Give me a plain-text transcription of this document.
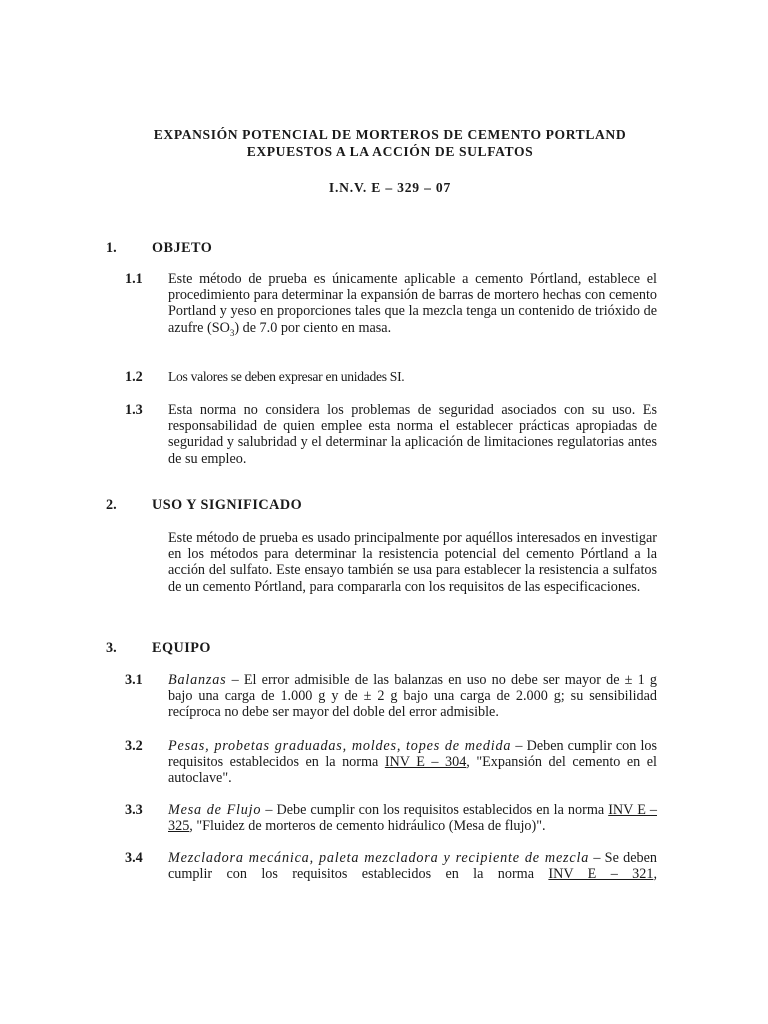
EXPANSIÓN POTENCIAL DE MORTEROS DE CEMENTO PORTLAND
EXPUESTOS A LA ACCIÓN DE SULFATOS
I.N.V. E – 329 – 07
1. OBJETO
1.1 Este método de prueba es únicamente aplicable a cemento Pórtland, establece el procedimiento para determinar la expansión de barras de mortero hechas con cemento Portland y yeso en proporciones tales que la mezcla tenga un contenido de trióxido de azufre $(SO_3)$ de 7.0 por ciento en masa.
1.2 Los valores se deben expresar en unidades SI.
1.3 Esta norma no considera los problemas de seguridad asociados con su uso. Es responsabilidad de quien emplee esta norma el establecer prácticas apropiadas de seguridad y salubridad y el determinar la aplicación de limitaciones regulatorias antes de su empleo.
2. USO Y SIGNIFICADO
Este método de prueba es usado principalmente por aquéllos interesados en investigar en los métodos para determinar la resistencia potencial del cemento Pórtland a la acción del sulfato. Este ensayo también se usa para establecer la resistencia a sulfatos de un cemento Pórtland, para compararla con los requisitos de las especificaciones.
3. EQUIPO
3.1 Balanzas – El error admisible de las balanzas en uso no debe ser mayor de ± 1 g bajo una carga de 1.000 g y de ± 2 g bajo una carga de 2.000 g; su sensibilidad recíproca no debe ser mayor del doble del error admisible.
3.2 Pesas, probetas graduadas, moldes, topes de medida – Deben cumplir con los requisitos establecidos en la norma INV E – 304, "Expansión del cemento en el autoclave".
3.3 Mesa de Flujo – Debe cumplir con los requisitos establecidos en la norma INV E – 325, "Fluidez de morteros de cemento hidráulico (Mesa de flujo)".
3.4 Mezcladora mecánica, paleta mezcladora y recipiente de mezcla – Se deben cumplir con los requisitos establecidos en la norma INV E – 321,
